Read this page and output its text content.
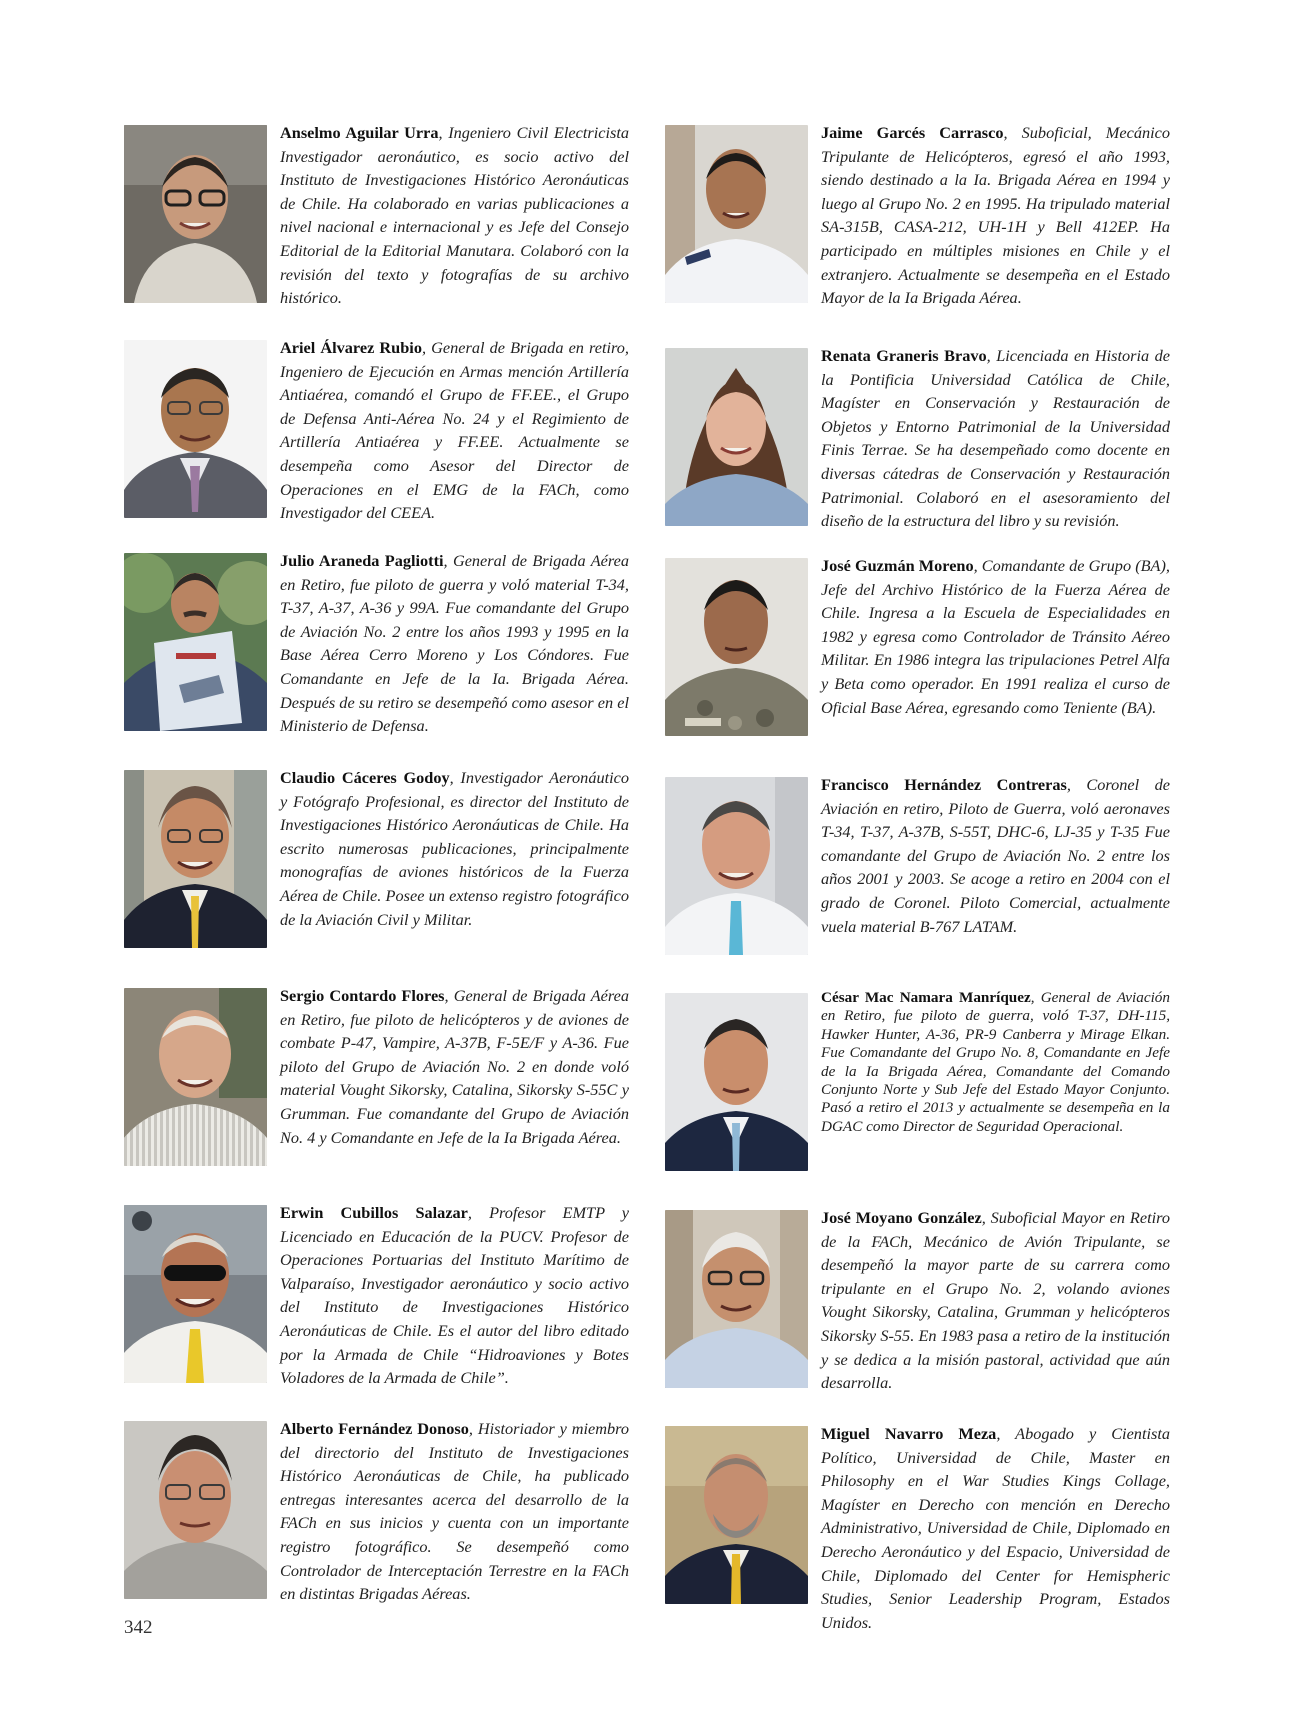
Anselmo Aguilar Urra, Ingeniero Civil Electricista Investigador aeronáutico, es socio activo del Instituto de Investigaciones Histórico Aeronáuticas de Chile. Ha colaborado en varias publicaciones a nivel nacional e internacional y es Jefe del Consejo Editorial de la Editorial Manutara. Colaboró con la revisión del texto y fotografías de su archivo histórico.

Ariel Álvarez Rubio, General de Brigada en retiro, Ingeniero de Ejecución en Armas mención Artillería Antiaérea, comandó el Grupo de FF.EE., el Grupo de Defensa Anti-Aérea No. 24 y el Regimiento de Artillería Antiaérea y FF.EE. Actualmente se desempeña como Asesor del Director de Operaciones en el EMG de la FACh, como Investigador del CEEA.

Julio Araneda Pagliotti, General de Brigada Aérea en Retiro, fue piloto de guerra y voló material T-34, T-37, A-37, A-36 y 99A. Fue comandante del Grupo de Aviación No. 2 entre los años 1993 y 1995 en la Base Aérea Cerro Moreno y Los Cóndores. Fue Comandante en Jefe de la Ia. Brigada Aérea. Después de su retiro se desempeñó como asesor en el Ministerio de Defensa.

Claudio Cáceres Godoy, Investigador Aeronáutico y Fotógrafo Profesional, es director del Instituto de Investigaciones Histórico Aeronáuticas de Chile. Ha escrito numerosas publicaciones, principalmente monografías de aviones históricos de la Fuerza Aérea de Chile. Posee un extenso registro fotográfico de la Aviación Civil y Militar.

Sergio Contardo Flores, General de Brigada Aérea en Retiro, fue piloto de helicópteros y de aviones de combate P-47, Vampire, A-37B, F-5E/F y A-36. Fue piloto del Grupo de Aviación No. 2 en donde voló material Vought Sikorsky, Catalina, Sikorsky S-55C y Grumman. Fue comandante del Grupo de Aviación No. 4 y Comandante en Jefe de la Ia Brigada Aérea.

Erwin Cubillos Salazar, Profesor EMTP y Licenciado en Educación de la PUCV. Profesor de Operaciones Portuarias del Instituto Marítimo de Valparaíso, Investigador aeronáutico y socio activo del Instituto de Investigaciones Histórico Aeronáuticas de Chile. Es el autor del libro editado por la Armada de Chile “Hidroaviones y Botes Voladores de la Armada de Chile”.

Alberto Fernández Donoso, Historiador y miembro del directorio del Instituto de Investigaciones Histórico Aeronáuticas de Chile, ha publicado entregas interesantes acerca del desarrollo de la FACh en sus inicios y cuenta con un importante registro fotográfico. Se desempeñó como Controlador de Interceptación Terrestre en la FACh en distintas Brigadas Aéreas.

Jaime Garcés Carrasco, Suboficial, Mecánico Tripulante de Helicópteros, egresó el año 1993, siendo destinado a la Ia. Brigada Aérea en 1994 y luego al Grupo No. 2 en 1995. Ha tripulado material SA-315B, CASA-212, UH-1H y Bell 412EP. Ha participado en múltiples misiones en Chile y el extranjero. Actualmente se desempeña en el Estado Mayor de la Ia Brigada Aérea.

Renata Graneris Bravo, Licenciada en Historia de la Pontificia Universidad Católica de Chile, Magíster en Conservación y Restauración de Objetos y Entorno Patrimonial de la Universidad Finis Terrae. Se ha desempeñado como docente en diversas cátedras de Conservación y Restauración Patrimonial. Colaboró en el asesoramiento del diseño de la estructura del libro y su revisión.

José Guzmán Moreno, Comandante de Grupo (BA), Jefe del Archivo Histórico de la Fuerza Aérea de Chile. Ingresa a la Escuela de Especialidades en 1982 y egresa como Controlador de Tránsito Aéreo Militar. En 1986 integra las tripulaciones Petrel Alfa y Beta como operador. En 1991 realiza el curso de Oficial Base Aérea, egresando como Teniente (BA).

Francisco Hernández Contreras, Coronel de Aviación en retiro, Piloto de Guerra, voló aeronaves T-34, T-37, A-37B, S-55T, DHC-6, LJ-35 y T-35 Fue comandante del Grupo de Aviación No. 2 entre los años 2001 y 2003. Se acoge a retiro en 2004 con el grado de Coronel. Piloto Comercial, actualmente vuela material B-767 LATAM.

César Mac Namara Manríquez, General de Aviación en Retiro, fue piloto de guerra, voló T-37, DH-115, Hawker Hunter, A-36, PR-9 Canberra y Mirage Elkan. Fue Comandante del Grupo No. 8, Comandante en Jefe de la Ia Brigada Aérea, Comandante del Comando Conjunto Norte y Sub Jefe del Estado Mayor Conjunto. Pasó a retiro el 2013 y actualmente se desempeña en la DGAC como Director de Seguridad Operacional.

José Moyano González, Suboficial Mayor en Retiro de la FACh, Mecánico de Avión Tripulante, se desempeñó la mayor parte de su carrera como tripulante en el Grupo No. 2, volando aviones Vought Sikorsky, Catalina, Grumman y helicópteros Sikorsky S-55. En 1983 pasa a retiro de la institución y se dedica a la misión pastoral, actividad que aún desarrolla.

Miguel Navarro Meza, Abogado y Cientista Político, Universidad de Chile, Master en Philosophy en el War Studies Kings Collage, Magíster en Derecho con mención en Derecho Administrativo, Universidad de Chile, Diplomado en Derecho Aeronáutico y del Espacio, Universidad de Chile, Diplomado del Center for Hemispheric Studies, Senior Leadership Program, Estados Unidos.

342
